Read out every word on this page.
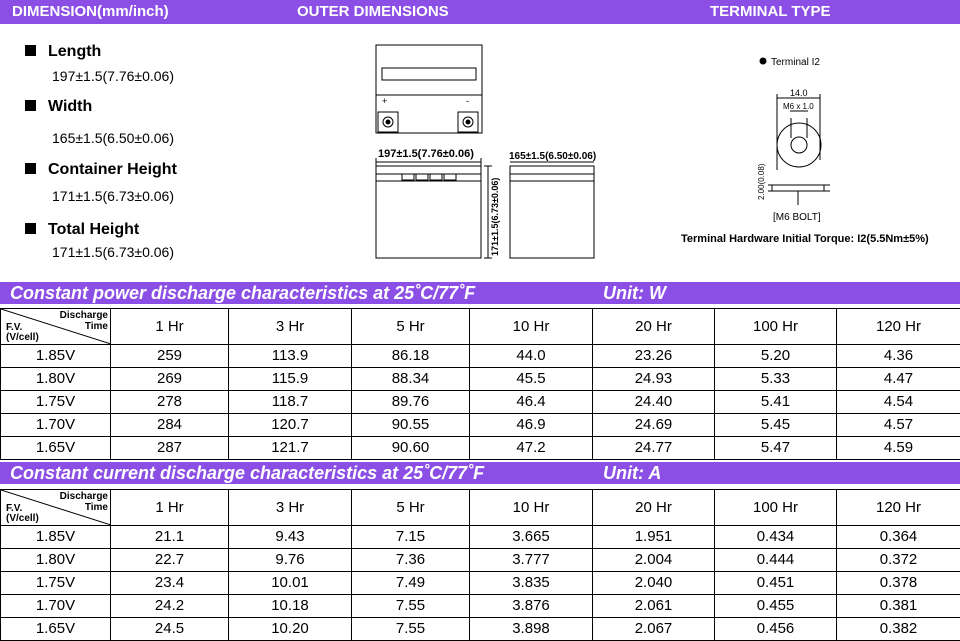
DIMENSION(mm/inch)	OUTER DIMENSIONS	TERMINAL TYPE
Length
197±1.5(7.76±0.06)
Width
165±1.5(6.50±0.06)
Container Height
171±1.5(6.73±0.06)
Total Height
171±1.5(6.73±0.06)
+	-
197±1.5(7.76±0.06)
171±1.5(6.73±0.06)
165±1.5(6.50±0.06)
Terminal I2
14.0
M6 x 1.0
2.00(0.08)
[M6 BOLT]
Terminal Hardware Initial Torque: I2(5.5Nm±5%)
Constant power discharge characteristics at 25˚C/77˚F	Unit: W
Discharge Time
F.V. (V/cell)	1 Hr	3 Hr	5 Hr	10 Hr	20 Hr	100 Hr	120 Hr
1.85V	259	113.9	86.18	44.0	23.26	5.20	4.36
1.80V	269	115.9	88.34	45.5	24.93	5.33	4.47
1.75V	278	118.7	89.76	46.4	24.40	5.41	4.54
1.70V	284	120.7	90.55	46.9	24.69	5.45	4.57
1.65V	287	121.7	90.60	47.2	24.77	5.47	4.59
Constant current discharge characteristics at 25˚C/77˚F	Unit: A
Discharge Time
F.V. (V/cell)	1 Hr	3 Hr	5 Hr	10 Hr	20 Hr	100 Hr	120 Hr
1.85V	21.1	9.43	7.15	3.665	1.951	0.434	0.364
1.80V	22.7	9.76	7.36	3.777	2.004	0.444	0.372
1.75V	23.4	10.01	7.49	3.835	2.040	0.451	0.378
1.70V	24.2	10.18	7.55	3.876	2.061	0.455	0.381
1.65V	24.5	10.20	7.55	3.898	2.067	0.456	0.382
